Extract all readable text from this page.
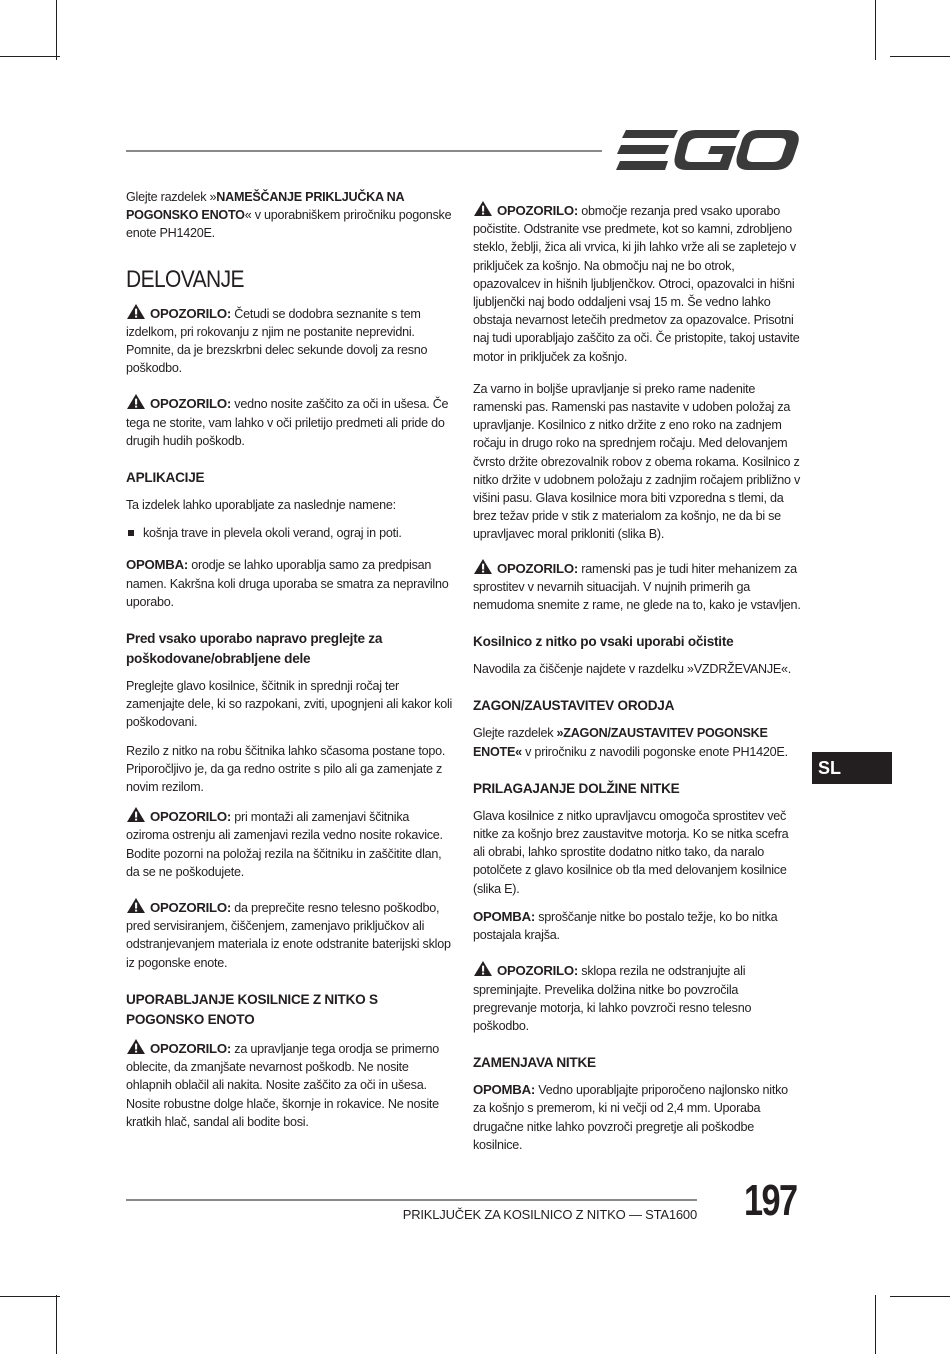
Glejte razdelek »NAMEŠČANJE PRIKLJUČKA NA POGONSKO ENOTO« v uporabniškem priročniku pogonske enote PH1420E.

DELOVANJE

OPOZORILO: Četudi se dodobra seznanite s tem izdelkom, pri rokovanju z njim ne postanite neprevidni. Pomnite, da je brezskrbni delec sekunde dovolj za resno poškodbo.

OPOZORILO: vedno nosite zaščito za oči in ušesa. Če tega ne storite, vam lahko v oči priletijo predmeti ali pride do drugih hudih poškodb.

APLIKACIJE

Ta izdelek lahko uporabljate za naslednje namene:

košnja trave in plevela okoli verand, ograj in poti.

OPOMBA: orodje se lahko uporablja samo za predpisan namen. Kakršna koli druga uporaba se smatra za nepravilno uporabo.

Pred vsako uporabo napravo preglejte za poškodovane/obrabljene dele

Preglejte glavo kosilnice, ščitnik in sprednji ročaj ter zamenjajte dele, ki so razpokani, zviti, upognjeni ali kakor koli poškodovani.

Rezilo z nitko na robu ščitnika lahko sčasoma postane topo. Priporočljivo je, da ga redno ostrite s pilo ali ga zamenjate z novim rezilom.

OPOZORILO: pri montaži ali zamenjavi ščitnika oziroma ostrenju ali zamenjavi rezila vedno nosite rokavice. Bodite pozorni na položaj rezila na ščitniku in zaščitite dlan, da se ne poškodujete.

OPOZORILO: da preprečite resno telesno poškodbo, pred servisiranjem, čiščenjem, zamenjavo priključkov ali odstranjevanjem materiala iz enote odstranite baterijski sklop iz pogonske enote.

UPORABLJANJE KOSILNICE Z NITKO S POGONSKO ENOTO

OPOZORILO: za upravljanje tega orodja se primerno oblecite, da zmanjšate nevarnost poškodb. Ne nosite ohlapnih oblačil ali nakita. Nosite zaščito za oči in ušesa. Nosite robustne dolge hlače, škornje in rokavice. Ne nosite kratkih hlač, sandal ali bodite bosi.

OPOZORILO: območje rezanja pred vsako uporabo počistite. Odstranite vse predmete, kot so kamni, zdrobljeno steklo, žeblji, žica ali vrvica, ki jih lahko vrže ali se zapletejo v priključek za košnjo. Na območju naj ne bo otrok, opazovalcev in hišnih ljubljenčkov. Otroci, opazovalci in hišni ljubljenčki naj bodo oddaljeni vsaj 15 m. Še vedno lahko obstaja nevarnost letečih predmetov za opazovalce. Prisotni naj tudi uporabljajo zaščito za oči. Če pristopite, takoj ustavite motor in priključek za košnjo.

Za varno in boljše upravljanje si preko rame nadenite ramenski pas. Ramenski pas nastavite v udoben položaj za upravljanje. Kosilnico z nitko držite z eno roko na zadnjem ročaju in drugo roko na sprednjem ročaju. Med delovanjem čvrsto držite obrezovalnik robov z obema rokama. Kosilnico z nitko držite v udobnem položaju z zadnjim ročajem približno v višini pasu. Glava kosilnice mora biti vzporedna s tlemi, da brez težav pride v stik z materialom za košnjo, ne da bi se upravljavec moral prikloniti (slika B).

OPOZORILO: ramenski pas je tudi hiter mehanizem za sprostitev v nevarnih situacijah. V nujnih primerih ga nemudoma snemite z rame, ne glede na to, kako je vstavljen.

Kosilnico z nitko po vsaki uporabi očistite

Navodila za čiščenje najdete v razdelku »VZDRŽEVANJE«.

ZAGON/ZAUSTAVITEV ORODJA

Glejte razdelek »ZAGON/ZAUSTAVITEV POGONSKE ENOTE« v priročniku z navodili pogonske enote PH1420E.

PRILAGAJANJE DOLŽINE NITKE

Glava kosilnice z nitko upravljavcu omogoča sprostitev več nitke za košnjo brez zaustavitve motorja. Ko se nitka scefra ali obrabi, lahko sprostite dodatno nitko tako, da naralo potolčete z glavo kosilnice ob tla med delovanjem kosilnice (slika E).

OPOMBA: sproščanje nitke bo postalo težje, ko bo nitka postajala krajša.

OPOZORILO: sklopa rezila ne odstranjujte ali spreminjajte. Prevelika dolžina nitke bo povzročila pregrevanje motorja, ki lahko povzroči resno telesno poškodbo.

ZAMENJAVA NITKE

OPOMBA: Vedno uporabljajte priporočeno najlonsko nitko za košnjo s premerom, ki ni večji od 2,4 mm. Uporaba drugačne nitke lahko povzroči pregretje ali poškodbe kosilnice.

SL
PRIKLJUČEK ZA KOSILNICO Z NITKO — STA1600 197
